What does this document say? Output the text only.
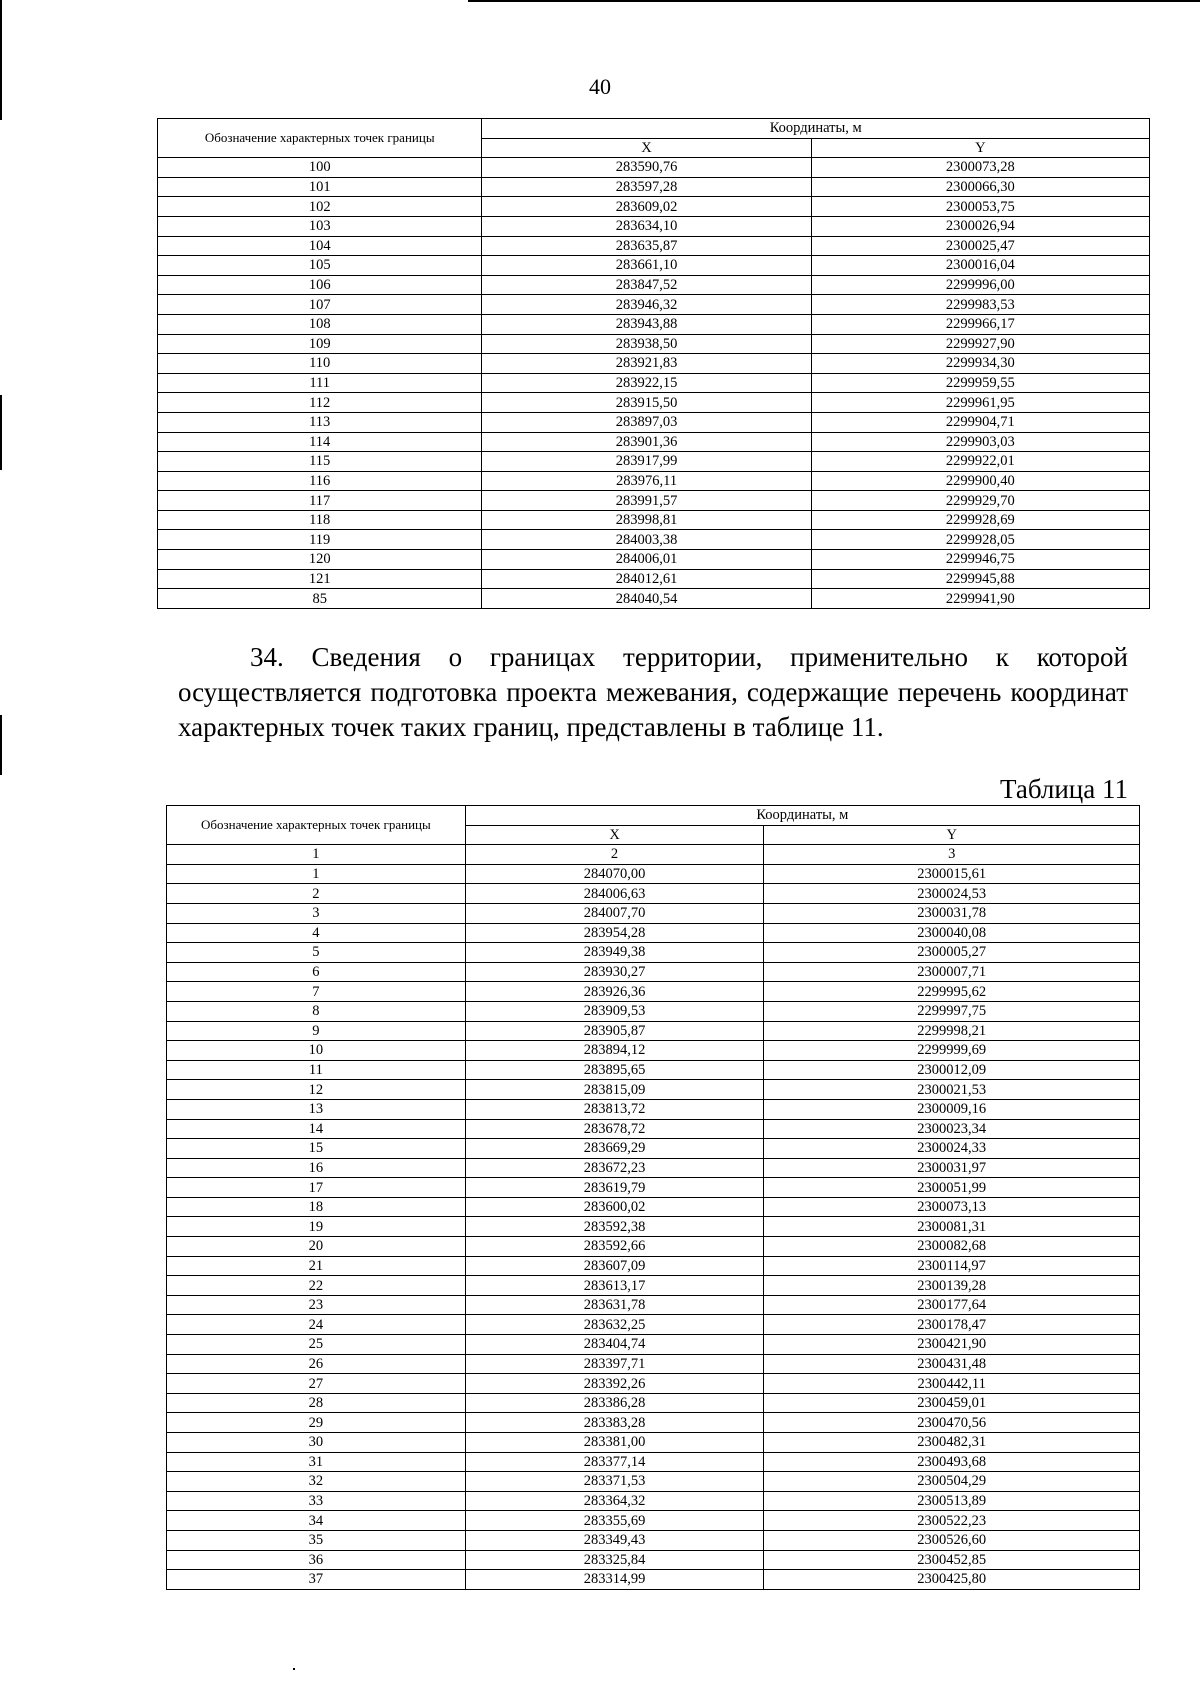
40
Обозначение характерных точек границы	Координаты, м	
	X	Y
100	283590,76	2300073,28
101	283597,28	2300066,30
102	283609,02	2300053,75
103	283634,10	2300026,94
104	283635,87	2300025,47
105	283661,10	2300016,04
106	283847,52	2299996,00
107	283946,32	2299983,53
108	283943,88	2299966,17
109	283938,50	2299927,90
110	283921,83	2299934,30
111	283922,15	2299959,55
112	283915,50	2299961,95
113	283897,03	2299904,71
114	283901,36	2299903,03
115	283917,99	2299922,01
116	283976,11	2299900,40
117	283991,57	2299929,70
118	283998,81	2299928,69
119	284003,38	2299928,05
120	284006,01	2299946,75
121	284012,61	2299945,88
85	284040,54	2299941,90
34. Сведения о границах территории, применительно к которой осуществляется подготовка проекта межевания, содержащие перечень координат характерных точек таких границ, представлены в таблице 11.
Таблица 11
Обозначение характерных точек границы	Координаты, м	
	X	Y
1	2	3
1	284070,00	2300015,61
2	284006,63	2300024,53
3	284007,70	2300031,78
4	283954,28	2300040,08
5	283949,38	2300005,27
6	283930,27	2300007,71
7	283926,36	2299995,62
8	283909,53	2299997,75
9	283905,87	2299998,21
10	283894,12	2299999,69
11	283895,65	2300012,09
12	283815,09	2300021,53
13	283813,72	2300009,16
14	283678,72	2300023,34
15	283669,29	2300024,33
16	283672,23	2300031,97
17	283619,79	2300051,99
18	283600,02	2300073,13
19	283592,38	2300081,31
20	283592,66	2300082,68
21	283607,09	2300114,97
22	283613,17	2300139,28
23	283631,78	2300177,64
24	283632,25	2300178,47
25	283404,74	2300421,90
26	283397,71	2300431,48
27	283392,26	2300442,11
28	283386,28	2300459,01
29	283383,28	2300470,56
30	283381,00	2300482,31
31	283377,14	2300493,68
32	283371,53	2300504,29
33	283364,32	2300513,89
34	283355,69	2300522,23
35	283349,43	2300526,60
36	283325,84	2300452,85
37	283314,99	2300425,80
